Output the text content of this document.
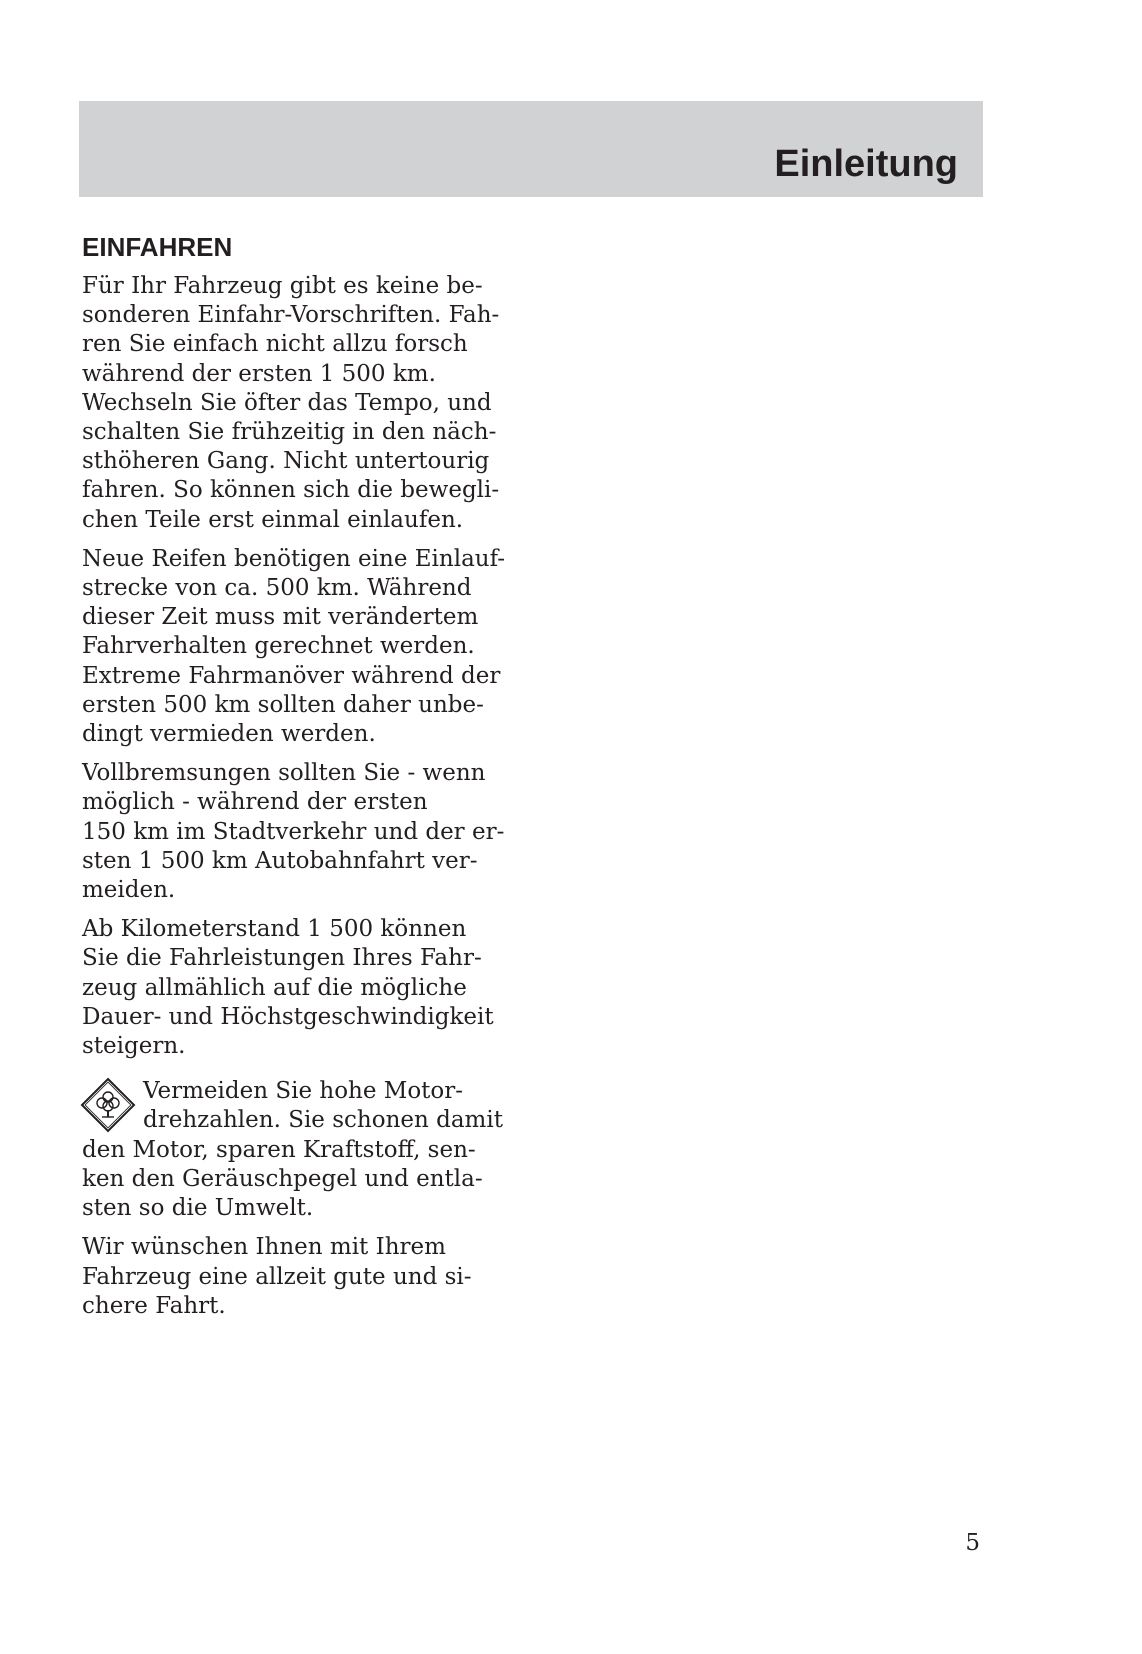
Einleitung
EINFAHREN

Für Ihr Fahrzeug gibt es keine be-
sonderen Einfahr-Vorschriften. Fah-
ren Sie einfach nicht allzu forsch
während der ersten 1 500 km.
Wechseln Sie öfter das Tempo, und
schalten Sie frühzeitig in den näch-
sthöheren Gang. Nicht untertourig
fahren. So können sich die beweglі-
chen Teile erst einmal einlaufen.

Neue Reifen benötigen eine Einlauf-
strecke von ca. 500 km. Während
dieser Zeit muss mit verändertem
Fahrverhalten gerechnet werden.
Extreme Fahrmanöver während der
ersten 500 km sollten daher unbe-
dingt vermieden werden.

Vollbremsungen sollten Sie - wenn
möglich - während der ersten
150 km im Stadtverkehr und der er-
sten 1 500 km Autobahnfahrt ver-
meiden.

Ab Kilometerstand 1 500 können
Sie die Fahrleistungen Ihres Fahr-
zeug allmählich auf die mögliche
Dauer- und Höchstgeschwindigkeit
steigern.

Vermeiden Sie hohe Motor-
drehzahlen. Sie schonen damit
den Motor, sparen Kraftstoff, sen-
ken den Geräuschpegel und entla-
sten so die Umwelt.

Wir wünschen Ihnen mit Ihrem
Fahrzeug eine allzeit gute und si-
chere Fahrt.

5
